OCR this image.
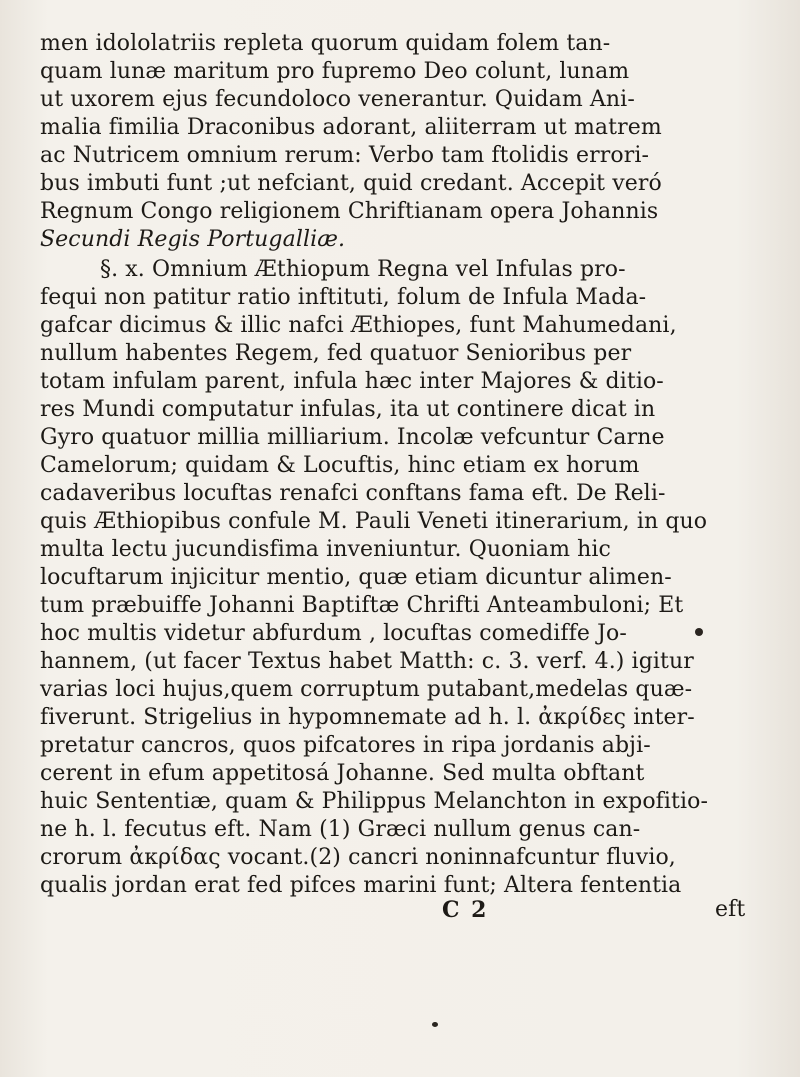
men idololatriis repleta quorum quidam folem tan-
quam lunæ maritum pro fupremo Deo colunt, lunam
ut uxorem ejus fecundoloco venerantur. Quidam Ani-
malia fimilia Draconibus adorant, aliiterram ut matrem
ac Nutricem omnium rerum: Verbo tam ftolidis errori-
bus imbuti funt ;ut nefciant, quid credant. Accepit veró
Regnum Congo religionem Chriftianam opera Johannis
Secundi Regis Portugalliæ.
§. x. Omnium Æthiopum Regna vel Infulas pro-
fequi non patitur ratio inftituti, folum de Infula Mada-
gafcar dicimus & illic nafci Æthiopes, funt Mahumedani,
nullum habentes Regem, fed quatuor Senioribus per
totam infulam parent, infula hæc inter Majores & ditio-
res Mundi computatur infulas, ita ut continere dicat in
Gyro quatuor millia milliarium. Incolæ vefcuntur Carne
Camelorum; quidam & Locuftis, hinc etiam ex horum
cadaveribus locuftas renafci conftans fama eft. De Reli-
quis Æthiopibus confule M. Pauli Veneti itinerarium, in quo
multa lectu jucundisfima inveniuntur. Quoniam hic
locuftarum injicitur mentio, quæ etiam dicuntur alimen-
tum præbuiffe Johanni Baptiftæ Chrifti Anteambuloni; Et
hoc multis videtur abfurdum , locuftas comediffe Jo-
hannem, (ut facer Textus habet Matth: c. 3. verf. 4.) igitur
varias loci hujus,quem corruptum putabant,medelas quæ-
fiverunt. Strigelius in hypomnemate ad h. l. ἀκρίδες inter-
pretatur cancros, quos pifcatores in ripa jordanis abji-
cerent in efum appetitosá Johanne. Sed multa obftant
huic Sententiæ, quam & Philippus Melanchton in expofitio-
ne h. l. fecutus eft. Nam (1) Græci nullum genus can-
crorum ἀκρίδας vocant.(2) cancri noninnafcuntur fluvio,
qualis jordan erat fed pifces marini funt; Altera fententia
C 2	eft
